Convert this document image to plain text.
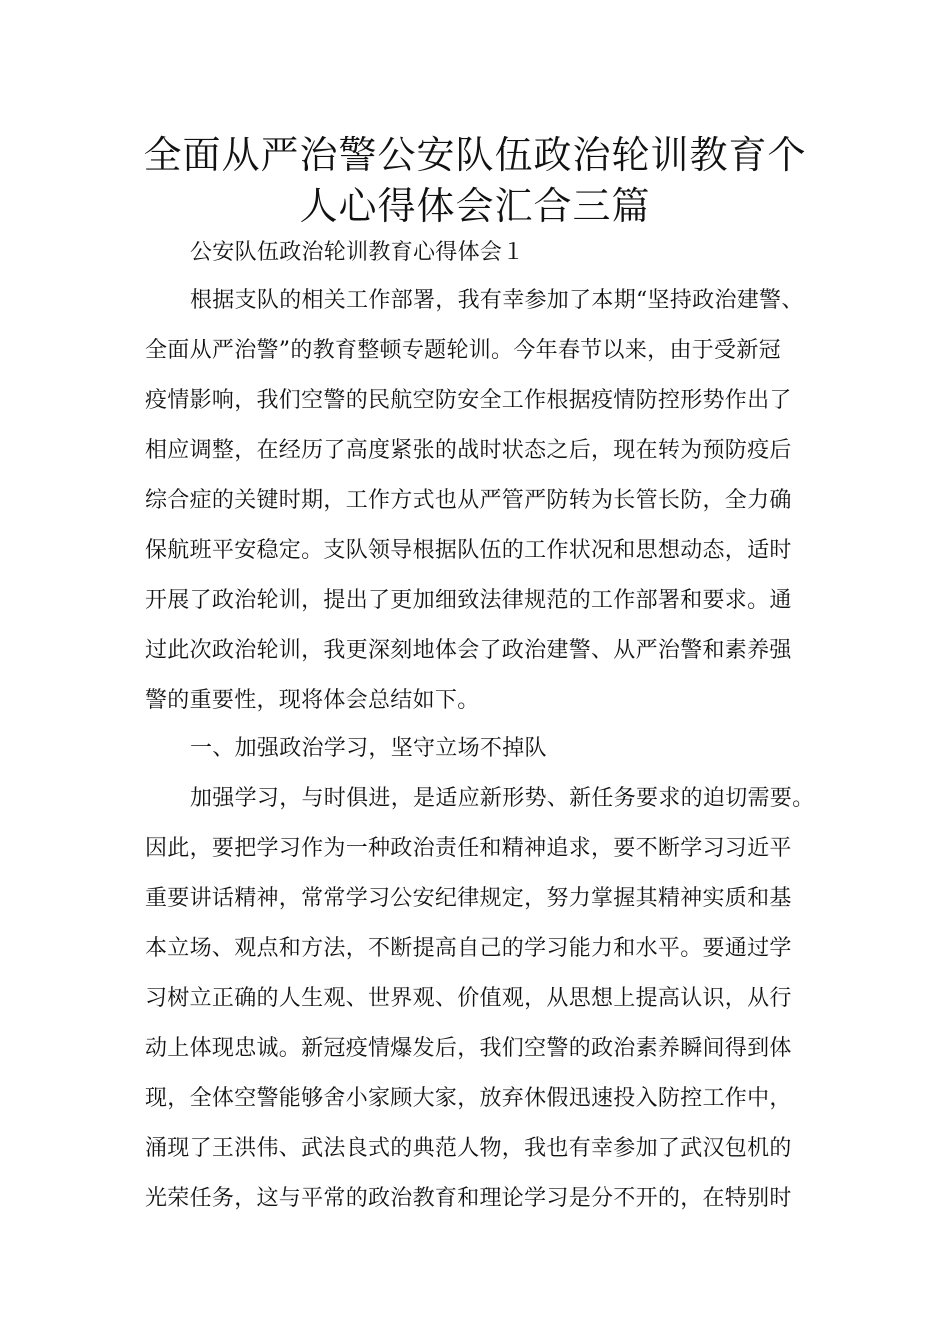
全面从严治警公安队伍政治轮训教育个
人心得体会汇合三篇
公安队伍政治轮训教育心得体会１
根据支队的相关工作部署，我有幸参加了本期“坚持政治建警、
全面从严治警”的教育整顿专题轮训。今年春节以来，由于受新冠
疫情影响，我们空警的民航空防安全工作根据疫情防控形势作出了
相应调整，在经历了高度紧张的战时状态之后，现在转为预防疫后
综合症的关键时期，工作方式也从严管严防转为长管长防，全力确
保航班平安稳定。支队领导根据队伍的工作状况和思想动态，适时
开展了政治轮训，提出了更加细致法律规范的工作部署和要求。通
过此次政治轮训，我更深刻地体会了政治建警、从严治警和素养强
警的重要性，现将体会总结如下。
一、加强政治学习，坚守立场不掉队
加强学习，与时俱进，是适应新形势、新任务要求的迫切需要。
因此，要把学习作为一种政治责任和精神追求，要不断学习习近平
重要讲话精神，常常学习公安纪律规定，努力掌握其精神实质和基
本立场、观点和方法，不断提高自己的学习能力和水平。要通过学
习树立正确的人生观、世界观、价值观，从思想上提高认识，从行
动上体现忠诚。新冠疫情爆发后，我们空警的政治素养瞬间得到体
现，全体空警能够舍小家顾大家，放弃休假迅速投入防控工作中，
涌现了王洪伟、武法良式的典范人物，我也有幸参加了武汉包机的
光荣任务，这与平常的政治教育和理论学习是分不开的，在特别时
